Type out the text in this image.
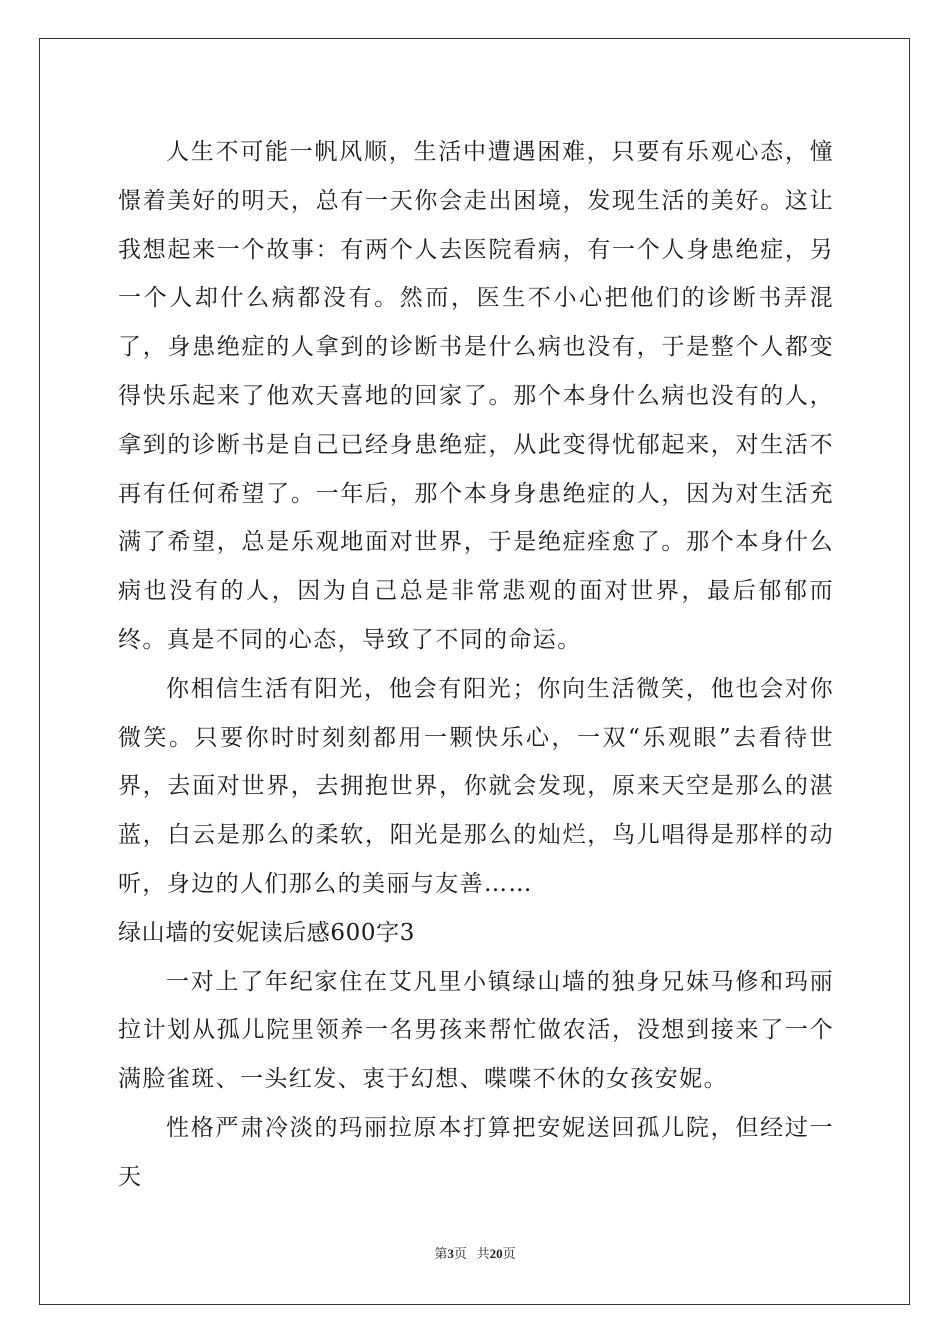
人生不可能一帆风顺，生活中遭遇困难，只要有乐观心态，憧憬着美好的明天，总有一天你会走出困境，发现生活的美好。这让我想起来一个故事：有两个人去医院看病，有一个人身患绝症，另一个人却什么病都没有。然而，医生不小心把他们的诊断书弄混了，身患绝症的人拿到的诊断书是什么病也没有，于是整个人都变得快乐起来了他欢天喜地的回家了。那个本身什么病也没有的人，拿到的诊断书是自己已经身患绝症，从此变得忧郁起来，对生活不再有任何希望了。一年后，那个本身身患绝症的人，因为对生活充满了希望，总是乐观地面对世界，于是绝症痊愈了。那个本身什么病也没有的人，因为自己总是非常悲观的面对世界，最后郁郁而终。真是不同的心态，导致了不同的命运。

你相信生活有阳光，他会有阳光；你向生活微笑，他也会对你微笑。只要你时时刻刻都用一颗快乐心，一双“乐观眼”去看待世界，去面对世界，去拥抱世界，你就会发现，原来天空是那么的湛蓝，白云是那么的柔软，阳光是那么的灿烂，鸟儿唱得是那样的动听，身边的人们那么的美丽与友善……

绿山墙的安妮读后感600字3

一对上了年纪家住在艾凡里小镇绿山墙的独身兄妹马修和玛丽拉计划从孤儿院里领养一名男孩来帮忙做农活，没想到接来了一个满脸雀斑、一头红发、衷于幻想、喋喋不休的女孩安妮。

性格严肃冷淡的玛丽拉原本打算把安妮送回孤儿院，但经过一天

第3页 共20页
